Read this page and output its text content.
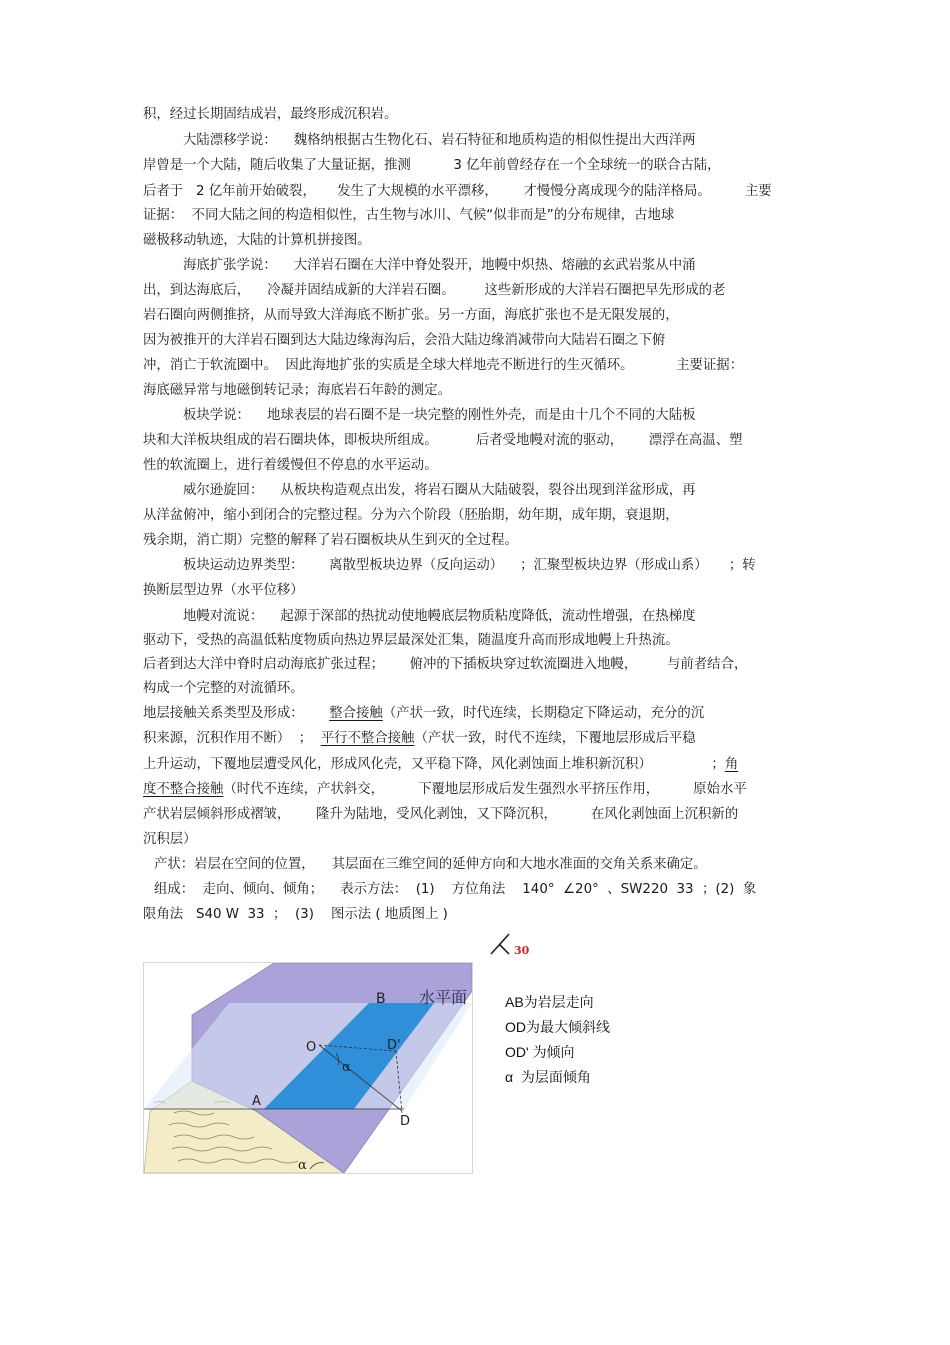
积，经过长期固结成岩，最终形成沉积岩。
大陆漂移学说：    魏格纳根据古生物化石、岩石特征和地质构造的相似性提出大西洋两
岸曾是一个大陆，随后收集了大量证据，推测          3 亿年前曾经存在一个全球统一的联合古陆，
后者于   2 亿年前开始破裂，     发生了大规模的水平漂移，      才慢慢分离成现今的陆洋格局。        主要
证据：  不同大陆之间的构造相似性，古生物与冰川、气候“似非而是”的分布规律，古地球
磁极移动轨迹，大陆的计算机拼接图。
海底扩张学说：    大洋岩石圈在大洋中脊处裂开，地幔中炽热、熔融的玄武岩浆从中涌
出，到达海底后，    冷凝并固结成新的大洋岩石圈。       这些新形成的大洋岩石圈把早先形成的老
岩石圈向两侧推挤，从而导致大洋海底不断扩张。另一方面，海底扩张也不是无限发展的，
因为被推开的大洋岩石圈到达大陆边缘海沟后，会沿大陆边缘消减带向大陆岩石圈之下俯
冲，消亡于软流圈中。  因此海地扩张的实质是全球大样地壳不断进行的生灭循环。          主要证据：
海底磁异常与地磁倒转记录；海底岩石年龄的测定。
板块学说：    地球表层的岩石圈不是一块完整的刚性外壳，而是由十几个不同的大陆板
块和大洋板块组成的岩石圈块体，即板块所组成。         后者受地幔对流的驱动，      漂浮在高温、塑
性的软流圈上，进行着缓慢但不停息的水平运动。
威尔逊旋回：    从板块构造观点出发，将岩石圈从大陆破裂，裂谷出现到洋盆形成，再
从洋盆俯冲，缩小到闭合的完整过程。分为六个阶段（胚胎期，幼年期，成年期，衰退期，
残余期，消亡期）完整的解释了岩石圈板块从生到灭的全过程。
板块运动边界类型：      离散型板块边界（反向运动）    ；汇聚型板块边界（形成山系）     ；转
换断层型边界（水平位移）
地幔对流说：    起源于深部的热扰动使地幔底层物质粘度降低，流动性增强，在热梯度
驱动下，受热的高温低粘度物质向热边界层最深处汇集，随温度升高而形成地幔上升热流。
后者到达大洋中脊时启动海底扩张过程；      俯冲的下插板块穿过软流圈进入地幔，       与前者结合，
构成一个完整的对流循环。
地层接触关系类型及形成：      整合接触（产状一致，时代连续，长期稳定下降运动，充分的沉
积来源，沉积作用不断）  ；  平行不整合接触（产状一致，时代不连续，下覆地层形成后平稳
上升运动，下覆地层遭受风化，形成风化壳，又平稳下降，风化剥蚀面上堆积新沉积）              ；角
度不整合接触（时代不连续，产状斜交，        下覆地层形成后发生强烈水平挤压作用，        原始水平
产状岩层倾斜形成褶皱，      隆升为陆地，受风化剥蚀，又下降沉积，        在风化剥蚀面上沉积新的
沉积层）
产状：岩层在空间的位置，    其层面在三维空间的延伸方向和大地水准面的交角关系来确定。
组成：  走向、倾向、倾角；    表示方法：  (1)    方位角法    140°  ∠20°  、SW220  33  ；(2)  象
限角法   S40 W  33  ；  (3)    图示法 ( 地质图上 )
30
水平面
B
O	D'
α
A
D
α
AB为岩层走向
OD为最大倾斜线
OD' 为倾向
α  为层面倾角
